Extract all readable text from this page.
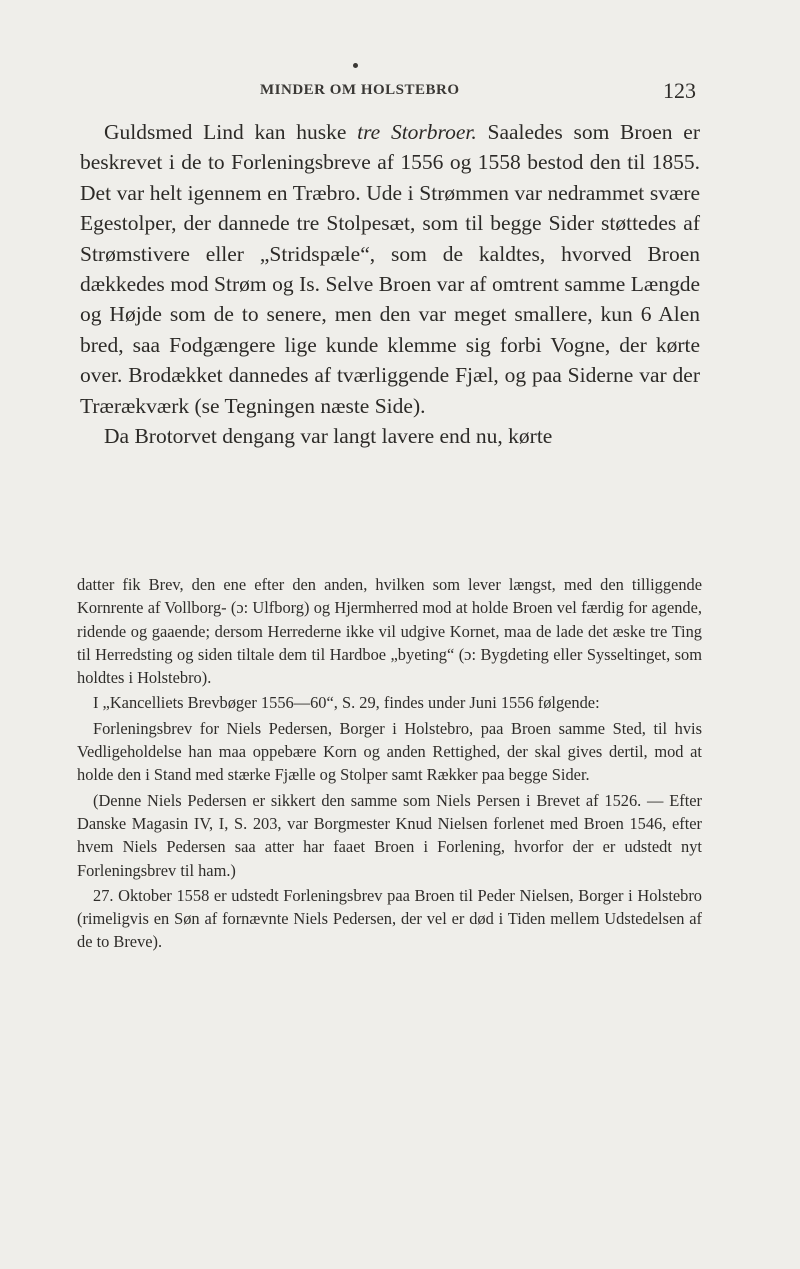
MINDER OM HOLSTEBRO	123

Guldsmed Lind kan huske tre Storbroer. Saaledes som Broen er beskrevet i de to Forleningsbreve af 1556 og 1558 bestod den til 1855. Det var helt igennem en Træbro. Ude i Strømmen var nedrammet svære Egestolper, der dannede tre Stolpesæt, som til begge Sider støttedes af Strømstivere eller „Stridspæle“, som de kaldtes, hvorved Broen dækkedes mod Strøm og Is. Selve Broen var af omtrent samme Længde og Højde som de to senere, men den var meget smallere, kun 6 Alen bred, saa Fodgængere lige kunde klemme sig forbi Vogne, der kørte over. Brodækket dannedes af tværliggende Fjæl, og paa Siderne var der Trærækværk (se Tegningen næste Side).

Da Brotorvet dengang var langt lavere end nu, kørte

datter fik Brev, den ene efter den anden, hvilken som lever længst, med den tilliggende Kornrente af Vollborg- (ɔ: Ulfborg) og Hjermherred mod at holde Broen vel færdig for agende, ridende og gaaende; dersom Herrederne ikke vil udgive Kornet, maa de lade det æske tre Ting til Herredsting og siden tiltale dem til Hardboe „byeting“ (ɔ: Bygdeting eller Sysseltinget, som holdtes i Holstebro).

I „Kancelliets Brevbøger 1556—60“, S. 29, findes under Juni 1556 følgende:

Forleningsbrev for Niels Pedersen, Borger i Holstebro, paa Broen samme Sted, til hvis Vedligeholdelse han maa oppebære Korn og anden Rettighed, der skal gives dertil, mod at holde den i Stand med stærke Fjælle og Stolper samt Rækker paa begge Sider.

(Denne Niels Pedersen er sikkert den samme som Niels Persen i Brevet af 1526. — Efter Danske Magasin IV, I, S. 203, var Borgmester Knud Nielsen forlenet med Broen 1546, efter hvem Niels Pedersen saa atter har faaet Broen i Forlening, hvorfor der er udstedt nyt Forleningsbrev til ham.)

27. Oktober 1558 er udstedt Forleningsbrev paa Broen til Peder Nielsen, Borger i Holstebro (rimeligvis en Søn af fornævnte Niels Pedersen, der vel er død i Tiden mellem Udstedelsen af de to Breve).
